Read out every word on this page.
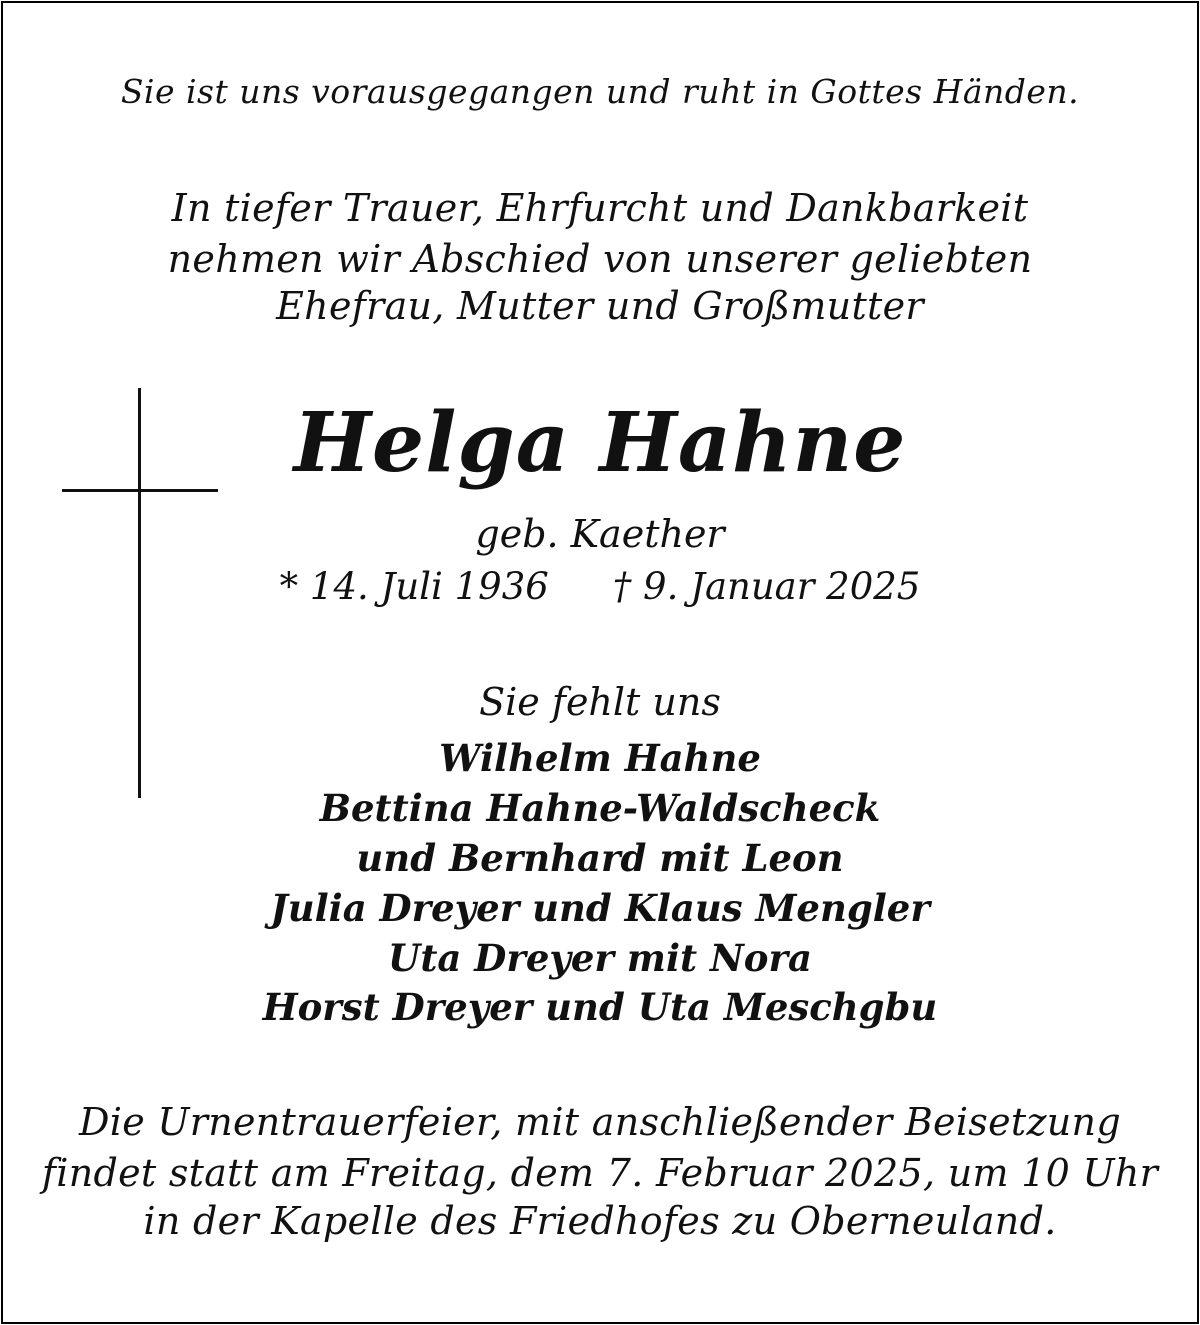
Sie ist uns vorausgegangen und ruht in Gottes Händen.
In tiefer Trauer, Ehrfurcht und Dankbarkeit
nehmen wir Abschied von unserer geliebten
Ehefrau, Mutter und Großmutter
Helga Hahne
geb. Kaether
* 14. Juli 1936 † 9. Januar 2025
Sie fehlt uns
Wilhelm Hahne
Bettina Hahne-Waldscheck
und Bernhard mit Leon
Julia Dreyer und Klaus Mengler
Uta Dreyer mit Nora
Horst Dreyer und Uta Meschgbu
Die Urnentrauerfeier, mit anschließender Beisetzung
findet statt am Freitag, dem 7. Februar 2025, um 10 Uhr
in der Kapelle des Friedhofes zu Oberneuland.
